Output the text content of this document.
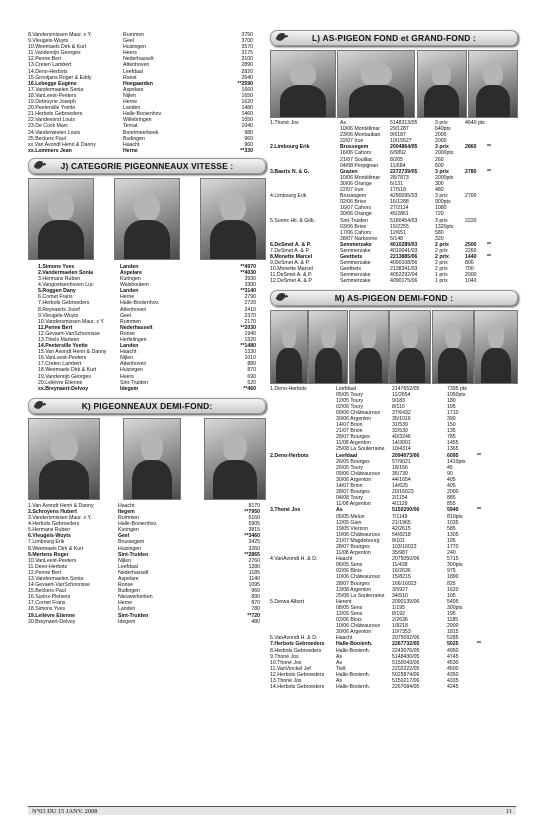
8.Vandersmissen Maur. x Y.	Rummen	3750
9.Vleugels-Wuyts	Geel	3700
10.Weemaels Dirk & Kurt	Huizingen	3570
11.Vandenrijn Georges	Heers	3175
12.Penne Bert	Nederhasselt	3100
13.Creten Lambert	Attenhoven	2890
14.Deno-Herbots	Leefdaal	2820
15.Grootjans Roger & Eddy	Ranst	2640
16.Lebegge Eugène	Hoegaarden	**2590
17.Vandermaelen Sonia	Aspelare	1660
18.VanLeest-Peeters	Nijlen	1650
19.Debruyne Joseph	Herne	1620
20.Peetersille Yvette	Landen	1480
21.Herbots Gebroeders	Halle-Booienhov.	1460
22.Vandevorst Louis	Willebringen	1050
23.De Cock Marc	Ternat	1040
24.Vanderwielen Louis	Boortmeerbeek	980
25.Beckers Paul	Budingen	960
xx.Van Avondt Henri & Danny	Haacht	960
xx.Lommers Jean	Herne	**330
J) CATEGORIE PIGEONNEAUX VITESSE :
1.Simons Yves	Landen	**4970
2.Vandermaelen Sonia	Aspelare	**4030
3.Hermans Ruben	Kuringen	3930
4.Vangoetsenhoven Luc	Walshoutem	3300
5.Roggen Dany	Landen	**3140
6.Cornet Frans	Herne	2790
7.Herbots Gebroeders	Halle-Booienhov.	2720
8.Reynaerts Jozef	Attenhoven	2410
9.Vleugels-Wuyts	Geel	2370
10.Vandersmissen Maur. x Y.	Rummen	2170
11.Penne Bert	Nederhasselt	**2030
12.Gevaert-VanSchoorisse	Ronse	1940
13.Thiels Marleen	Herfelingen	1520
14.Peetersille Yvette	Landen	**1480
15.Van Avondt Henri & Danny	Haacht	1330
16.VanLeest-Peeters	Nijlen	1010
17.Creten Lambert	Attenhoven	880
18.Weemaels Dirk & Kurt	Huizingen	870
19.Vandenrijn Georges	Heers	690
20.Lelièvre Etienne	Sint-Truiden	520
xx.Breynaert-Delvoy	Idegem	**460
K) PIGEONNEAUX DEMI-FOND:
1.Van Avondt Henri & Danny	Haacht	8170
2.Schroyens Hubert	Itegem	**7950
3.Vandersmissen Maur. x Y.	Rummen	6160
4.Herbots Gebroeders	Halle-Booienhov.	5905
5.Hermans Ruben	Kuringen	3815
6.Vleugels-Wuyts	Geel	**3460
7.Limbourg Erik	Brussegem	3425
8.Weemaels Dirk & Kurt	Huizingen	3260
9.Mertens Roger	Sint-Truiden	**2865
10.VanLeest-Peeters	Nijlen	2760
11.Deno-Herbots	Leefdaal	1280
12.Penne Bert	Nederhasselt	1185
13.Vandermaelen Sonia	Aspelare	1140
14.Gevaert-VanSchoorisse	Ronse	1095
15.Beckers Paul	Budingen	960
16.Surinx-Pletsers	Nieuwerkerken	890
17.Cornet Frans	Herne	870
18.Simons Yves	Landen	780
19.Lelièvre Etienne	Sint-Truiden	**720
20.Breynaert-Delvoy	Idegem	480
L) AS-PIGEON FOND et GRAND-FOND :
1.Thoné Jos	As	5148313/05	3 prix	4640 pts
10/06 Montélimar	29/1287	640pts
23/06 Montauban	9/6187	2000
22/07 Irun	10/15627	2000
2.Limbourg Erik	Brussegem	2004864/05	3 prix	2860	**
16/06 Cahors	6/5892	2000pts
21/07 Souillac	8/205	260
04/08 Perpignan	11/684	600
3.Baerts N. & G.	Grazen	2272739/05	3 prix	2780	**
10/06 Montélimar	28/7873	2000pts
30/06 Orange	6/131	300
22/07 Irun	17/518	480
4.Limbourg Erik	Brussegem	4290095/03	3 prix	2700
02/06 Brive	16/1288	900pts
16/07 Cahors	27/2114	1080
30/06 Orange	45/2861	720
5.Surinx Hil. & Gilb.	Sint-Truiden	5180454/03	3 prix	2220
03/06 Brive	15/2255	1320pts
17/06 Cahors	12/651	580
28/07 Narbonne	5/148	320
6.DeSmet A. & P.	Semmerzake	4010289/03	2 prix	2500	**
7.DeSmet A. & P.	Semmerzake	4010041/03	2 prix	2260
8.Monette Marcel	Geetbets	2213885/06	2 prix	1440	**
9.DeSmet A. & P.	Semmerzake	4090108/06	2 prix	800
10.Monette Marcel	Geetbets	2138341/03	2 prix	700
11.DeSmet A. & P.	Semmerzake	4052292/04	1 prix	2000
12.DeSmet A. & P.	Semmerzake	4090175/06	1 prix	1040
M) AS-PIGEON DEMI-FOND :
1.Deno-Herbots	Leefdaal	2147652/05	7395 pts
05/05 Toury	11/2654	1050pts
12/05 Toury	9/183	180
02/06 Toury	8/110	195
09/06 Châteauroux	37/6432	1710
30/06 Argenton	35/1016	390
14/07 Brion	31/539	150
21/07 Brion	32/530	135
28/07 Bourges	40/3246	785
11/08 Argenton	14/3001	1455
25/08 La Souterraine	10/4314	1365
2.Deno-Herbots	Leefdaal	2094073/06	6095	**
26/05 Bourges	57/9021	1410pts
26/05 Toury	18/166	45
09/06 Châteauroux	35/730	90
30/06 Argenton	44/1654	405
14/07 Brion	14/625	405
28/07 Bourges	20/16023	2000
04/08 Toury	2/1154	885
11/08 Argenton	4/1129	855
3.Thoné Jos	As	5150200/06	5940	**
05/05 Melun	7/1149	810pts
12/05 Gien	21/1965	1035
19/05 Vierzon	42/2615	585
10/06 Châteauroux	54/8218	1305
21/07 Magdebourg	8/101	195
28/07 Bourges	103/16023	1770
11/08 Argenton	35/987	240
4.VanAvondt H. & D.	Haacht	2075050/06	5715
06/05 Sens	11/438	300pts
02/06 Blois	16/2636	975
10/06 Châteauroux	15/8215	1890
28/07 Bourges	166/16023	825
13/08 Argenton	3/5927	1620
25/08 La Souterraine	34/510	105
5.Derwa Albert	Herent	2090139/06	5495
08/05 Sens	1/195	300pts
12/05 Sens	8/192	195
02/06 Blois	2/2636	1185
10/06 Châteauroux	1/8218	2000
30/06 Argenton	10/7353	1815
6.VanAvondt H. & D.	Haacht	2075092/06	5285
7.Herbots Gebroeders	Halle-Booienh.	2267732/05	5025	**
8.Herbots Gebroeders	Halle-Booienh.	2243076/05	4950
9.Thoné Jos	As	5148430/05	4745
10.Thoné Jos	As	5150043/06	4530
11.VanVinckel Jef	Tielt	2202222/05	4500
12.Herbots Gebroeders	Halle-Booienh.	5025874/06	4350
13.Thoné Jos	As	5150217/06	4335
14.Herbots Gebroeders	Halle-Booienh.	2267084/05	4245
N°03 DU 15 JANV. 2008	11
